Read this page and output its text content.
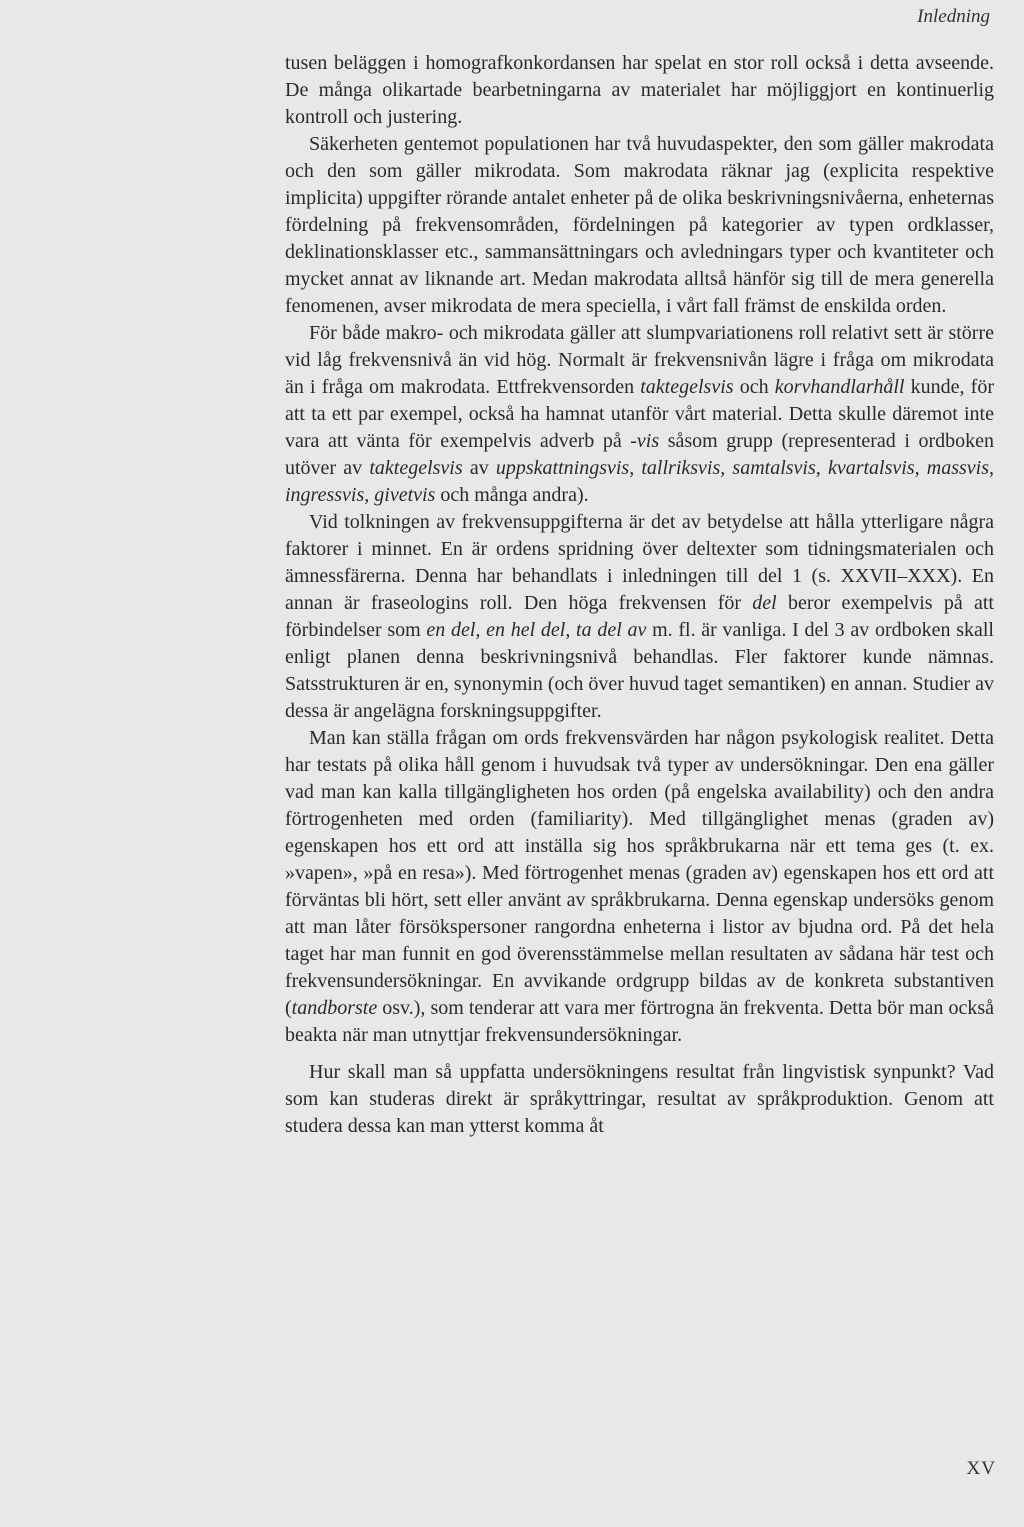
Inledning

tusen beläggen i homografkonkordansen har spelat en stor roll också i detta avseende. De många olikartade bearbetningarna av materialet har möjliggjort en kontinuerlig kontroll och justering.

Säkerheten gentemot populationen har två huvudaspekter, den som gäller makrodata och den som gäller mikrodata. Som makrodata räknar jag (explicita respektive implicita) uppgifter rörande antalet enheter på de olika beskrivningsnivåerna, enheternas fördelning på frekvensområden, fördelningen på kategorier av typen ordklasser, deklinationsklasser etc., sammansättningars och avledningars typer och kvantiteter och mycket annat av liknande art. Medan makrodata alltså hänför sig till de mera generella fenomenen, avser mikrodata de mera speciella, i vårt fall främst de enskilda orden.

För både makro- och mikrodata gäller att slumpvariationens roll relativt sett är större vid låg frekvensnivå än vid hög. Normalt är frekvensnivån lägre i fråga om mikrodata än i fråga om makrodata. Ettfrekvensorden taktegelsvis och korvhandlarhåll kunde, för att ta ett par exempel, också ha hamnat utanför vårt material. Detta skulle däremot inte vara att vänta för exempelvis adverb på -vis såsom grupp (representerad i ordboken utöver av taktegelsvis av uppskattningsvis, tallriksvis, samtalsvis, kvartalsvis, massvis, ingressvis, givetvis och många andra).

Vid tolkningen av frekvensuppgifterna är det av betydelse att hålla ytterligare några faktorer i minnet. En är ordens spridning över deltexter som tidningsmaterialen och ämnessfärerna. Denna har behandlats i inledningen till del 1 (s. XXVII–XXX). En annan är fraseologins roll. Den höga frekvensen för del beror exempelvis på att förbindelser som en del, en hel del, ta del av m. fl. är vanliga. I del 3 av ordboken skall enligt planen denna beskrivningsnivå behandlas. Fler faktorer kunde nämnas. Satsstrukturen är en, synonymin (och över huvud taget semantiken) en annan. Studier av dessa är angelägna forskningsuppgifter.

Man kan ställa frågan om ords frekvensvärden har någon psykologisk realitet. Detta har testats på olika håll genom i huvudsak två typer av undersökningar. Den ena gäller vad man kan kalla tillgängligheten hos orden (på engelska availability) och den andra förtrogenheten med orden (familiarity). Med tillgänglighet menas (graden av) egenskapen hos ett ord att inställa sig hos språkbrukarna när ett tema ges (t. ex. »vapen», »på en resa»). Med förtrogenhet menas (graden av) egenskapen hos ett ord att förväntas bli hört, sett eller använt av språkbrukarna. Denna egenskap undersöks genom att man låter försökspersoner rangordna enheterna i listor av bjudna ord. På det hela taget har man funnit en god överensstämmelse mellan resultaten av sådana här test och frekvensundersökningar. En avvikande ordgrupp bildas av de konkreta substantiven (tandborste osv.), som tenderar att vara mer förtrogna än frekventa. Detta bör man också beakta när man utnyttjar frekvensundersökningar.

Hur skall man så uppfatta undersökningens resultat från lingvistisk synpunkt? Vad som kan studeras direkt är språkyttringar, resultat av språkproduktion. Genom att studera dessa kan man ytterst komma åt

XV
